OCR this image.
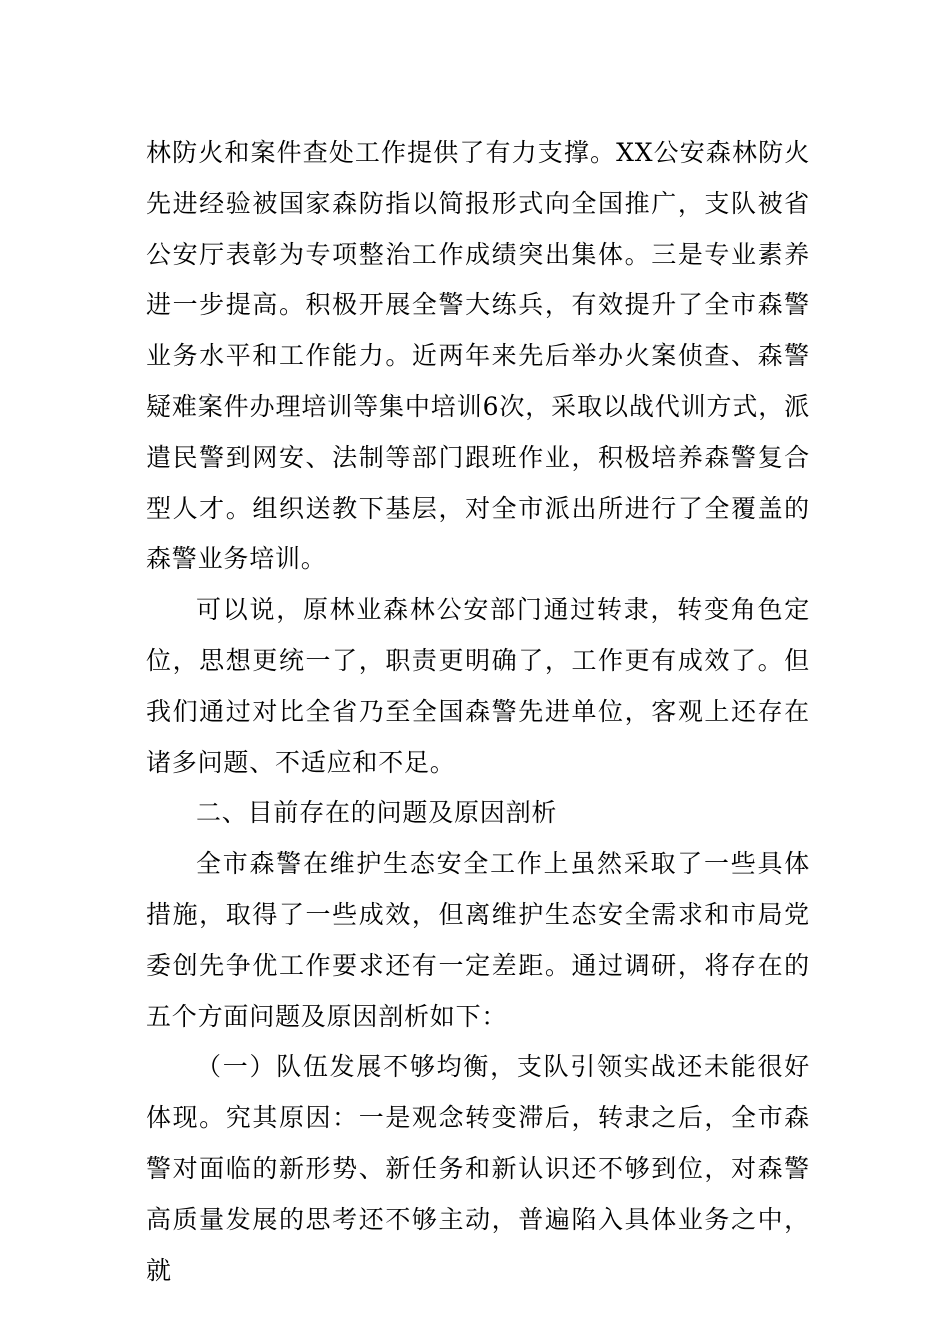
林防火和案件查处工作提供了有力支撑。XX公安森林防火先进经验被国家森防指以简报形式向全国推广，支队被省公安厅表彰为专项整治工作成绩突出集体。三是专业素养进一步提高。积极开展全警大练兵，有效提升了全市森警业务水平和工作能力。近两年来先后举办火案侦查、森警疑难案件办理培训等集中培训6次，采取以战代训方式，派遣民警到网安、法制等部门跟班作业，积极培养森警复合型人才。组织送教下基层，对全市派出所进行了全覆盖的森警业务培训。

可以说，原林业森林公安部门通过转隶，转变角色定位，思想更统一了，职责更明确了，工作更有成效了。但我们通过对比全省乃至全国森警先进单位，客观上还存在诸多问题、不适应和不足。

二、目前存在的问题及原因剖析

全市森警在维护生态安全工作上虽然采取了一些具体措施，取得了一些成效，但离维护生态安全需求和市局党委创先争优工作要求还有一定差距。通过调研，将存在的五个方面问题及原因剖析如下：

（一）队伍发展不够均衡，支队引领实战还未能很好体现。究其原因：一是观念转变滞后，转隶之后，全市森警对面临的新形势、新任务和新认识还不够到位，对森警高质量发展的思考还不够主动，普遍陷入具体业务之中，就
